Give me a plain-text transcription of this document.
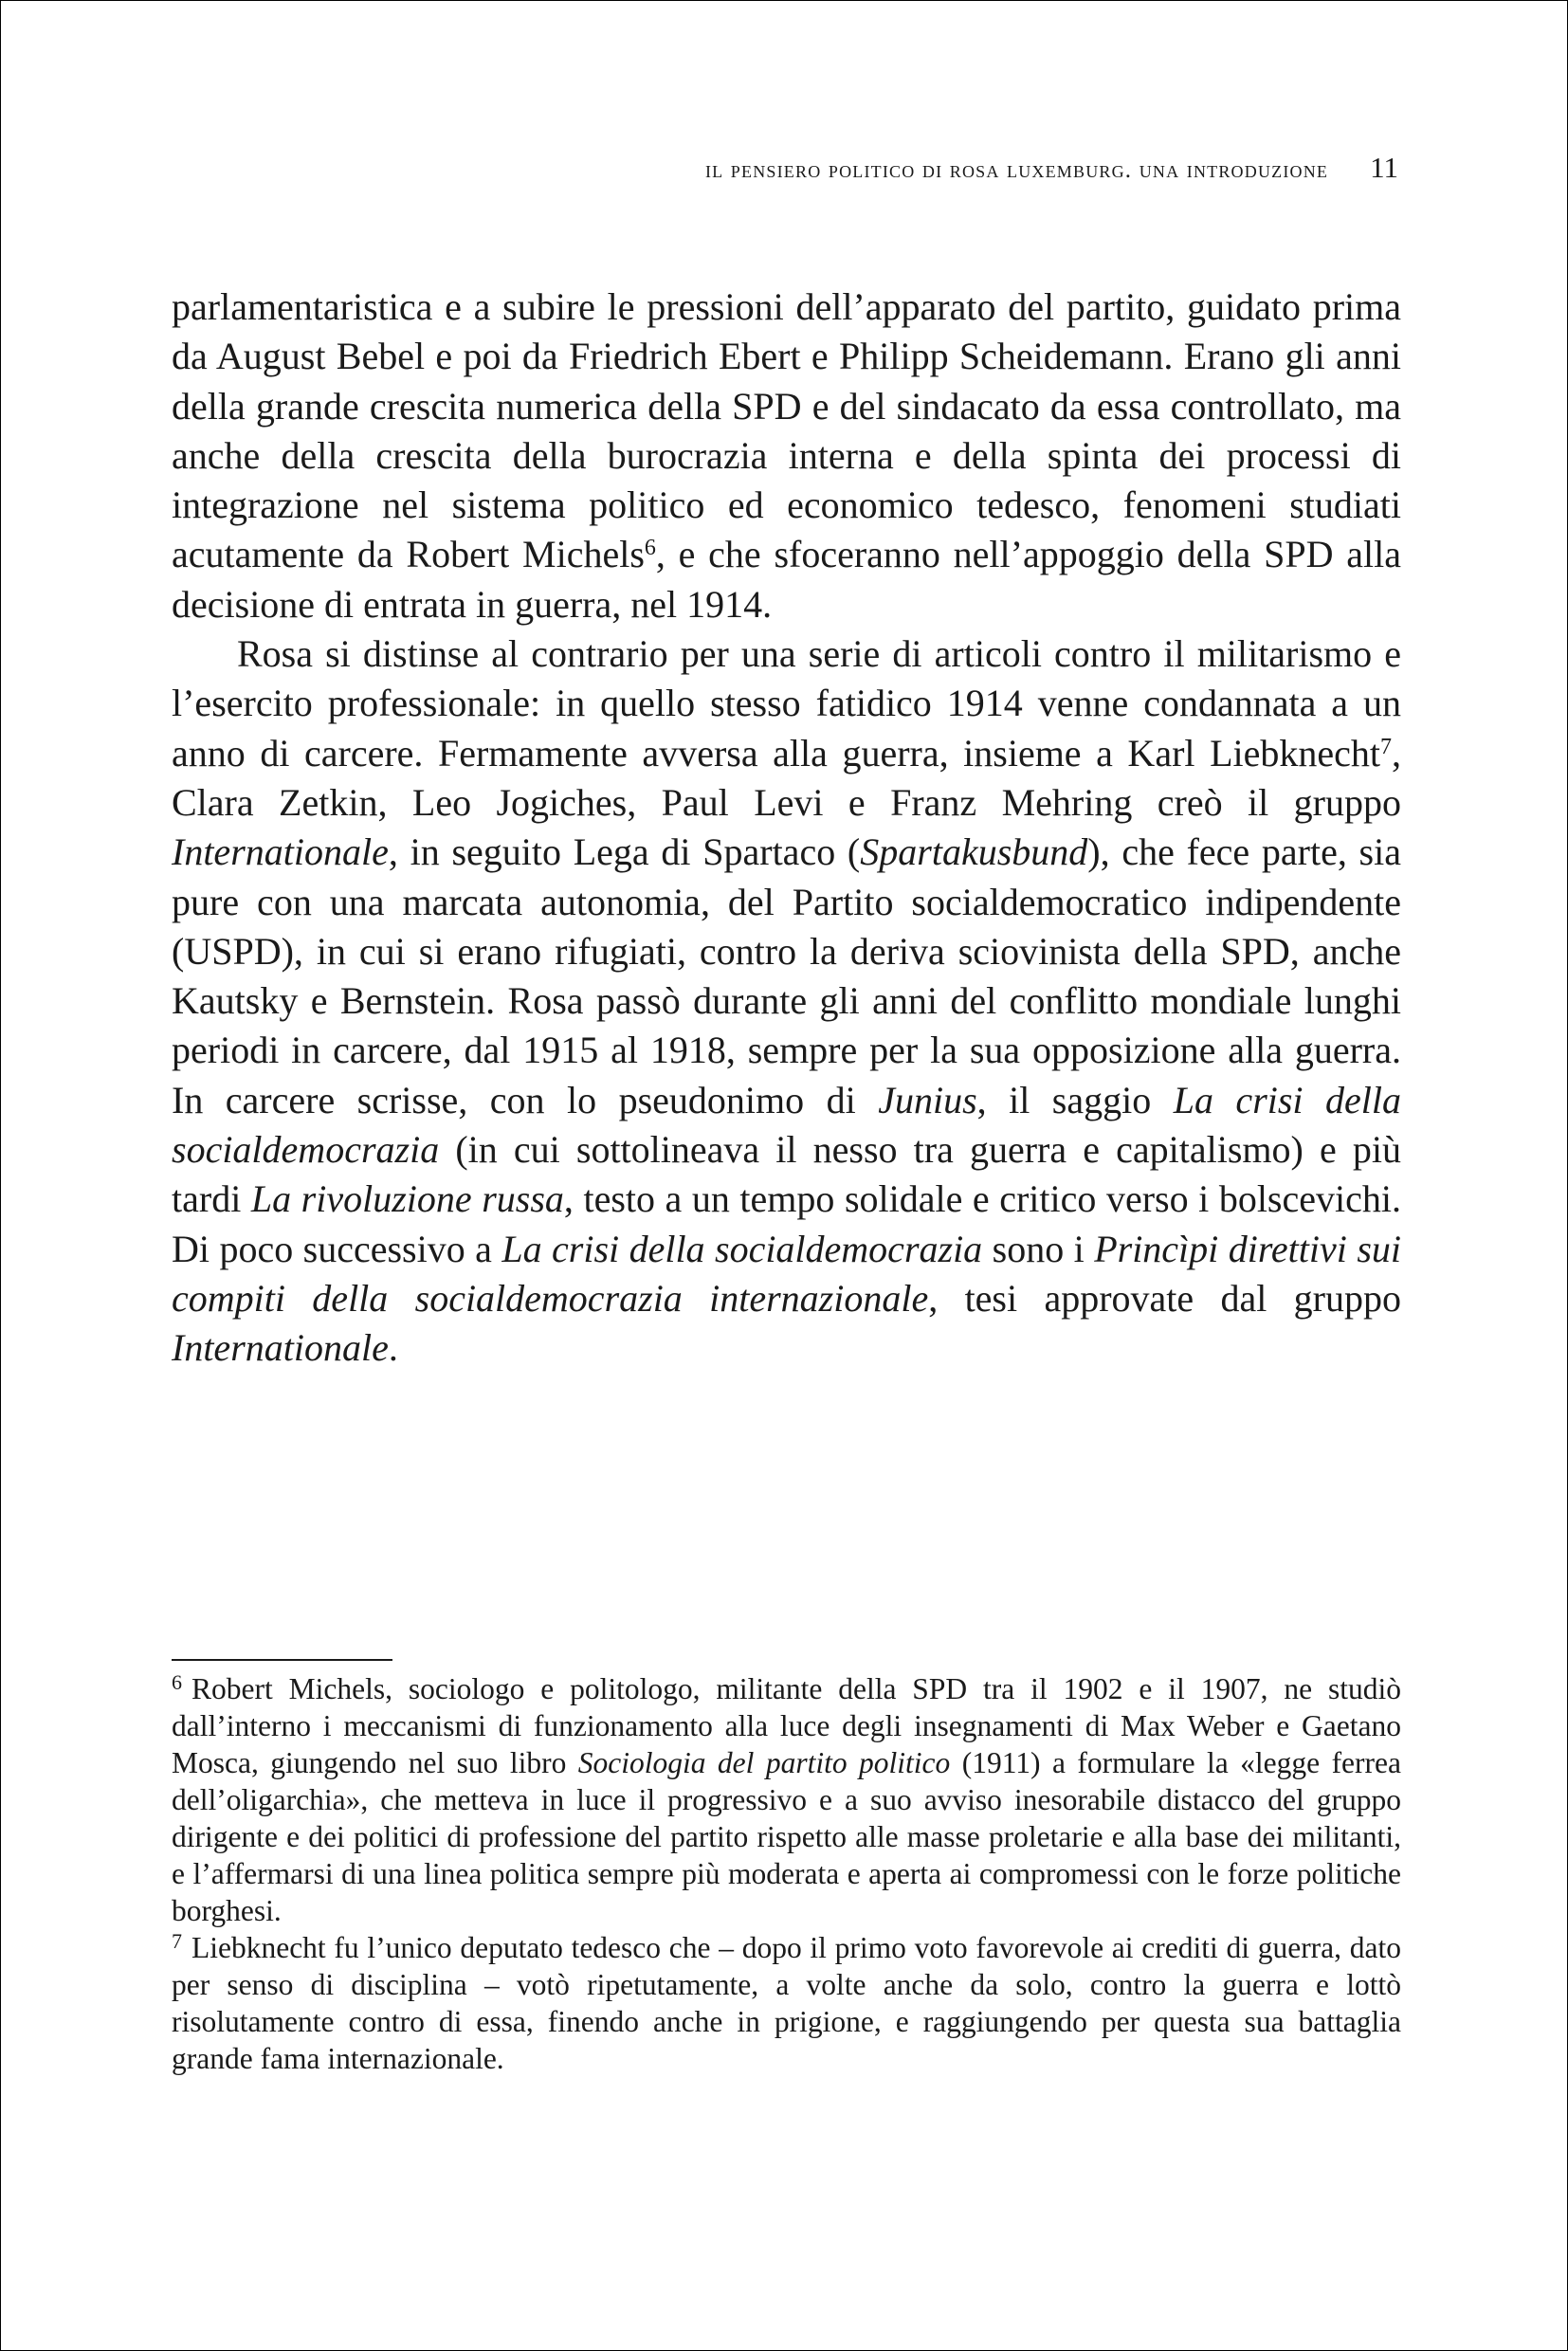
il pensiero politico di rosa luxemburg. una introduzione 11

parlamentaristica e a subire le pressioni dell’apparato del partito, guidato prima da August Bebel e poi da Friedrich Ebert e Philipp Scheidemann. Erano gli anni della grande crescita numerica della SPD e del sindacato da essa controllato, ma anche della crescita della burocrazia interna e della spinta dei processi di integrazione nel sistema politico ed economico tedesco, fenomeni studiati acutamente da Robert Michels$^6$, e che sfoceranno nell’appoggio della SPD alla decisione di entrata in guerra, nel 1914.

Rosa si distinse al contrario per una serie di articoli contro il militarismo e l’esercito professionale: in quello stesso fatidico 1914 venne condannata a un anno di carcere. Fermamente avversa alla guerra, insieme a Karl Liebknecht$^7$, Clara Zetkin, Leo Jogiches, Paul Levi e Franz Mehring creò il gruppo Internationale, in seguito Lega di Spartaco (Spartakusbund), che fece parte, sia pure con una marcata autonomia, del Partito socialdemocratico indipendente (USPD), in cui si erano rifugiati, contro la deriva sciovinista della SPD, anche Kautsky e Bernstein. Rosa passò durante gli anni del conflitto mondiale lunghi periodi in carcere, dal 1915 al 1918, sempre per la sua opposizione alla guerra. In carcere scrisse, con lo pseudonimo di Junius, il saggio La crisi della socialdemocrazia (in cui sottolineava il nesso tra guerra e capitalismo) e più tardi La rivoluzione russa, testo a un tempo solidale e critico verso i bolscevichi. Di poco successivo a La crisi della socialdemocrazia sono i Princìpi direttivi sui compiti della socialdemocrazia internazionale, tesi approvate dal gruppo Internationale.

$^6$ Robert Michels, sociologo e politologo, militante della SPD tra il 1902 e il 1907, ne studiò dall’interno i meccanismi di funzionamento alla luce degli insegnamenti di Max Weber e Gaetano Mosca, giungendo nel suo libro Sociologia del partito politico (1911) a formulare la «legge ferrea dell’oligarchia», che metteva in luce il progressivo e a suo avviso inesorabile distacco del gruppo dirigente e dei politici di professione del partito rispetto alle masse proletarie e alla base dei militanti, e l’affermarsi di una linea politica sempre più moderata e aperta ai compromessi con le forze politiche borghesi.

$^7$ Liebknecht fu l’unico deputato tedesco che – dopo il primo voto favorevole ai crediti di guerra, dato per senso di disciplina – votò ripetutamente, a volte anche da solo, contro la guerra e lottò risolutamente contro di essa, finendo anche in prigione, e raggiungendo per questa sua battaglia grande fama internazionale.
